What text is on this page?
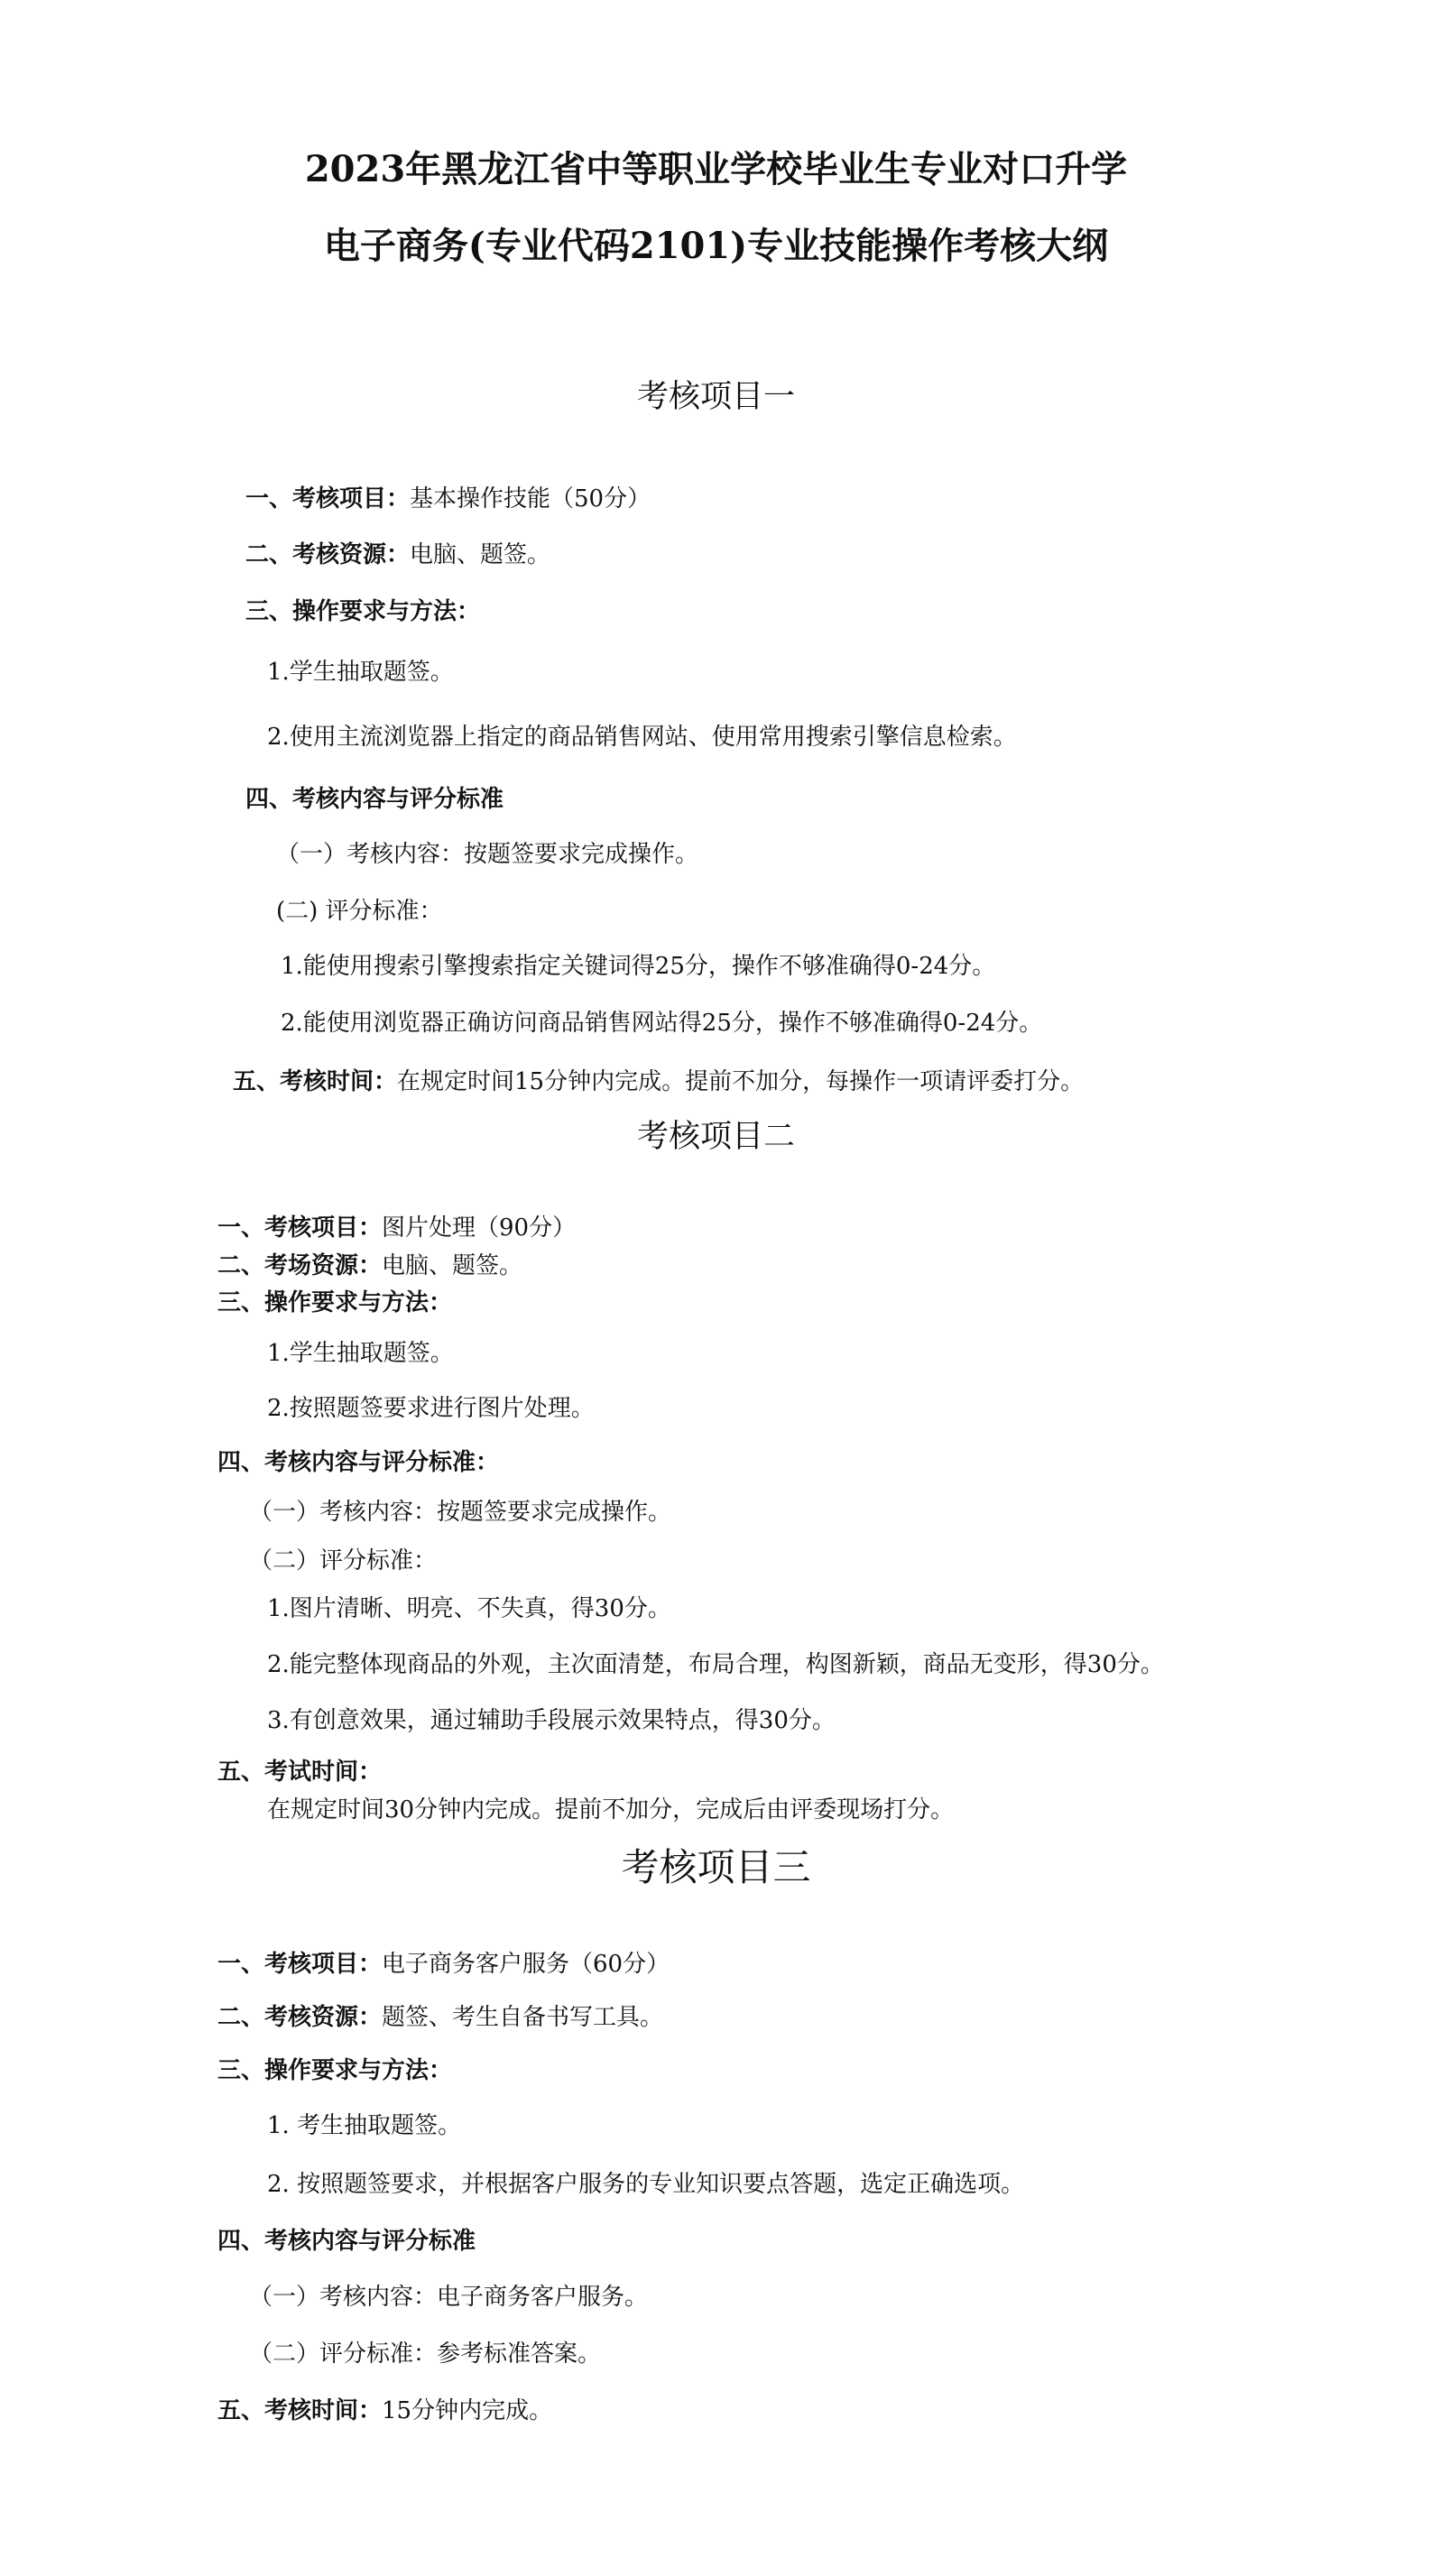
2023年黑龙江省中等职业学校毕业生专业对口升学
电子商务(专业代码2101)专业技能操作考核大纲
考核项目一
一、考核项目：基本操作技能（50分）
二、考核资源：电脑、题签。
三、操作要求与方法：
1.学生抽取题签。
2.使用主流浏览器上指定的商品销售网站、使用常用搜索引擎信息检索。
四、考核内容与评分标准
（一）考核内容：按题签要求完成操作。
(二) 评分标准：
1.能使用搜索引擎搜索指定关键词得25分，操作不够准确得0-24分。
2.能使用浏览器正确访问商品销售网站得25分，操作不够准确得0-24分。
五、考核时间：在规定时间15分钟内完成。提前不加分，每操作一项请评委打分。
考核项目二
一、考核项目：图片处理（90分）
二、考场资源：电脑、题签。
三、操作要求与方法：
1.学生抽取题签。
2.按照题签要求进行图片处理。
四、考核内容与评分标准：
（一）考核内容：按题签要求完成操作。
（二）评分标准：
1.图片清晰、明亮、不失真，得30分。
2.能完整体现商品的外观，主次面清楚，布局合理，构图新颖，商品无变形，得30分。
3.有创意效果，通过辅助手段展示效果特点，得30分。
五、考试时间：
在规定时间30分钟内完成。提前不加分，完成后由评委现场打分。
考核项目三
一、考核项目：电子商务客户服务（60分）
二、考核资源：题签、考生自备书写工具。
三、操作要求与方法：
1. 考生抽取题签。
2. 按照题签要求，并根据客户服务的专业知识要点答题，选定正确选项。
四、考核内容与评分标准
（一）考核内容：电子商务客户服务。
（二）评分标准：参考标准答案。
五、考核时间：15分钟内完成。
